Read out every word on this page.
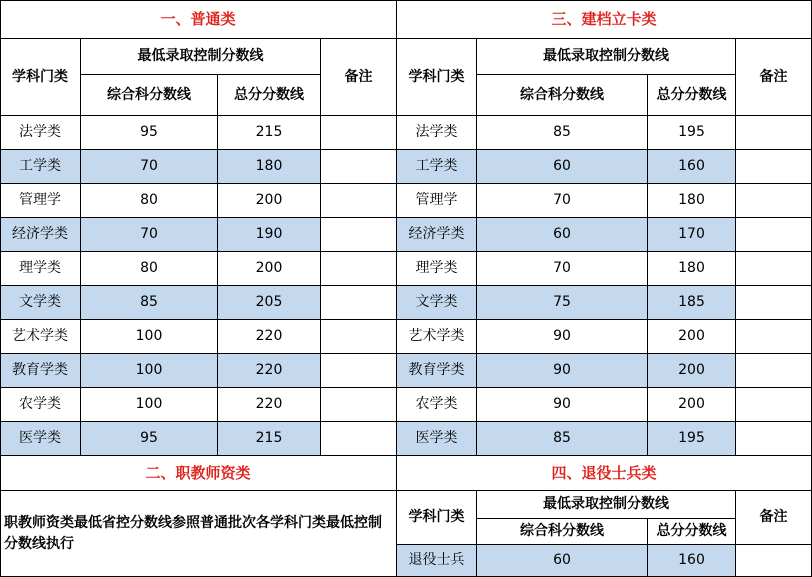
一、普通类
学科门类
最低录取控制分数线
综合科分数线	总分分数线
备注
法学类	95	215
工学类	70	180
管理学	80	200
经济学类	70	190
理学类	80	200
文学类	85	205
艺术学类	100	220
教育学类	100	220
农学类	100	220
医学类	95	215
二、职教师资类
职教师资类最低省控分数线参照普通批次各学科门类最低控制分数线执行
三、建档立卡类
学科门类
最低录取控制分数线
综合科分数线	总分分数线
备注
法学类	85	195
工学类	60	160
管理学	70	180
经济学类	60	170
理学类	70	180
文学类	75	185
艺术学类	90	200
教育学类	90	200
农学类	90	200
医学类	85	195
四、退役士兵类
学科门类
最低录取控制分数线
综合科分数线	总分分数线
备注
退役士兵	60	160
